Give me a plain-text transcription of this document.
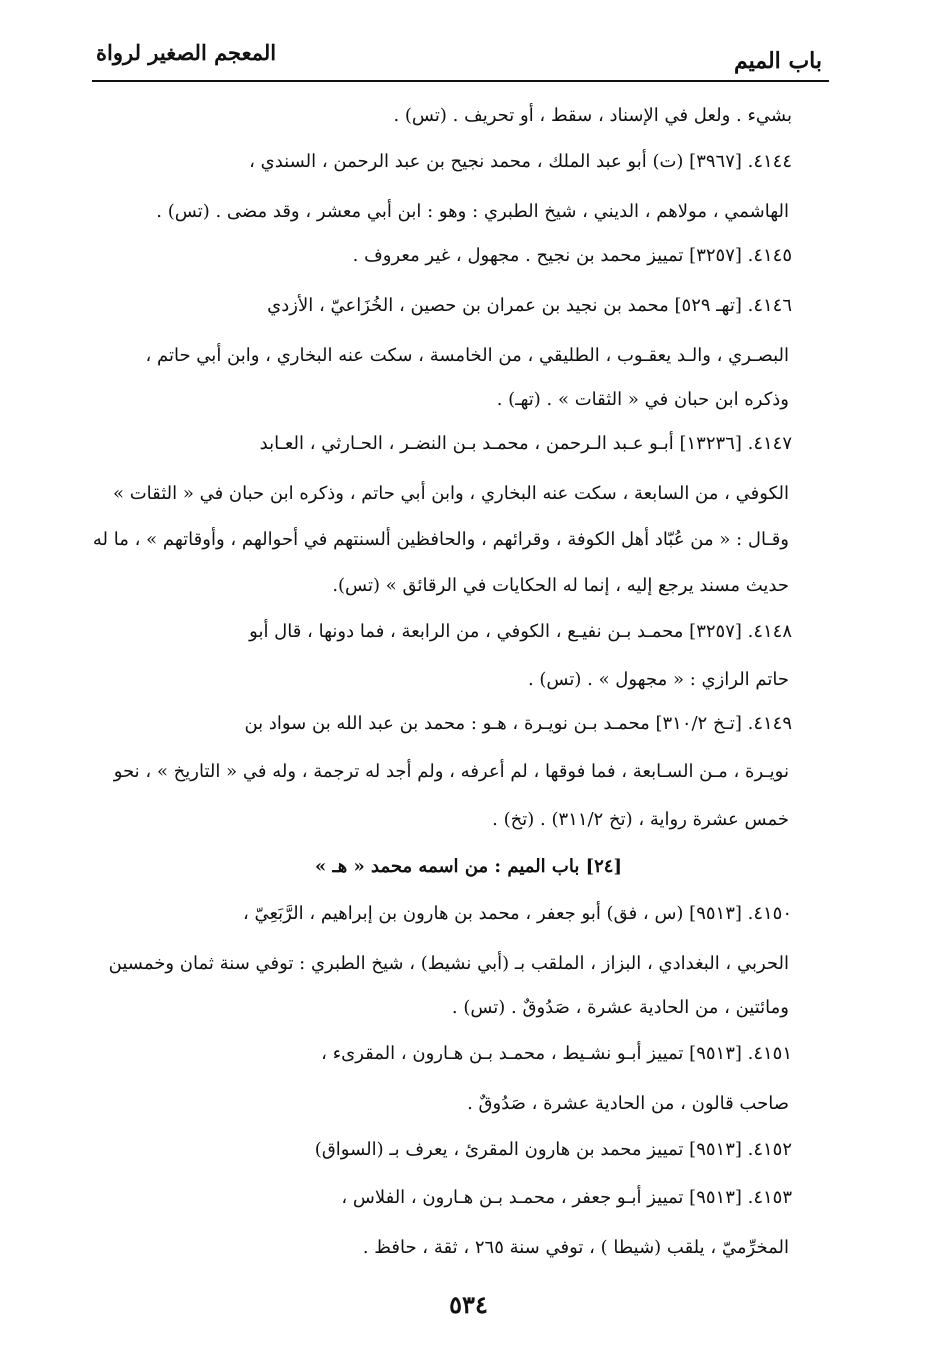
باب الميم
المعجم الصغير لرواة
بشيء . ولعل في الإسناد ، سقط ، أو تحريف . (تس) .
٤١٤٤. [٣٩٦٧] (ت) أبو عبد الملك ، محمد نجيح بن عبد الرحمن ، السندي ،
الهاشمي ، مولاهم ، الديني ، شيخ الطبري : وهو : ابن أبي معشر ، وقد مضى . (تس) .
٤١٤٥. [٣٢٥٧] تمييز محمد بن نجيح . مجهول ، غير معروف .
٤١٤٦. [تهـ ٥٢٩] محمد بن نجيد بن عمران بن حصين ، الخُزَاعيّ ، الأزدي
البصـري ، والـد يعقـوب ، الطليقي ، من الخامسة ، سكت عنه البخاري ، وابن أبي حاتم ،
وذكره ابن حبان في « الثقات » . (تهـ) .
٤١٤٧. [١٣٢٣٦] أبـو عـبد الـرحمن ، محمـد بـن النضـر ، الحـارثي ، العـابد
الكوفي ، من السابعة ، سكت عنه البخاري ، وابن أبي حاتم ، وذكره ابن حبان في « الثقات »
وقـال : « من عُبّاد أهل الكوفة ، وقرائهم ، والحافظين ألسنتهم في أحوالهم ، وأوقاتهم » ، ما له
حديث مسند يرجع إليه ، إنما له الحكايات في الرقائق » (تس).
٤١٤٨. [٣٢٥٧] محمـد بـن نفيـع ، الكوفي ، من الرابعة ، فما دونها ، قال أبو
حاتم الرازي : « مجهول » . (تس) .
٤١٤٩. [تـخ ٣١٠/٢] محمـد بـن نويـرة ، هـو : محمد بن عبد الله بن سواد بن
نويـرة ، مـن السـابعة ، فما فوقها ، لم أعرفه ، ولم أجد له ترجمة ، وله في « التاريخ » ، نحو
خمس عشرة رواية ، (تخ ٣١١/٢) . (تخ) .
[٢٤] باب الميم : من اسمه محمد « هـ »
٤١٥٠. [٩٥١٣] (س ، فق) أبو جعفر ، محمد بن هارون بن إبراهيم ، الرَّبَعِيّ ،
الحربي ، البغدادي ، البزاز ، الملقب بـ (أبي نشيط) ، شيخ الطبري : توفي سنة ثمان وخمسين
ومائتين ، من الحادية عشرة ، صَدُوقٌ . (تس) .
٤١٥١. [٩٥١٣] تمييز أبـو نشـيط ، محمـد بـن هـارون ، المقرىء ،
صاحب قالون ، من الحادية عشرة ، صَدُوقٌ .
٤١٥٢. [٩٥١٣] تمييز محمد بن هارون المقرئ ، يعرف بـ (السواق)
٤١٥٣. [٩٥١٣] تمييز أبـو جعفر ، محمـد بـن هـارون ، الفلاس ،
المخرِّميّ ، يلقب (شيطا ) ، توفي سنة ٢٦٥ ، ثقة ، حافظ .
٥٣٤
